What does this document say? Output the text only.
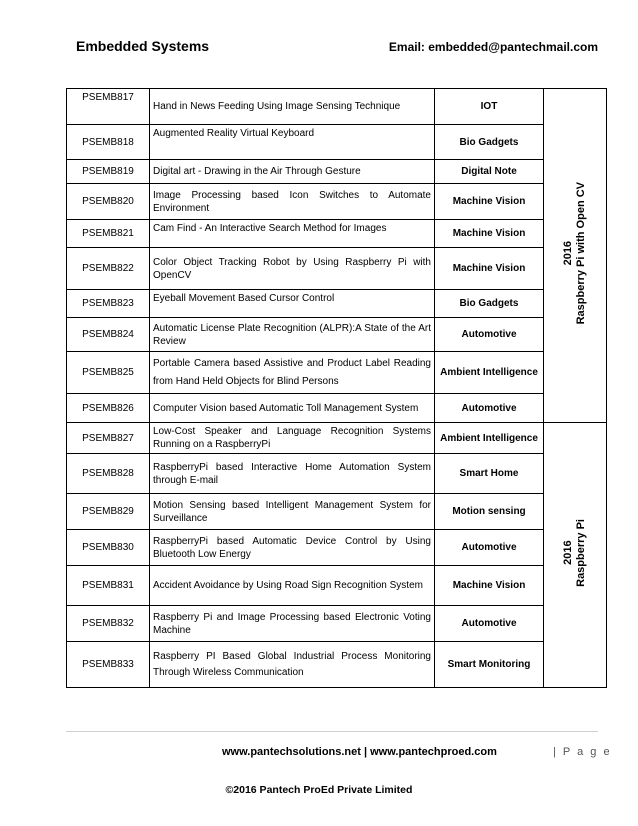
Embedded Systems	Email: embedded@pantechmail.com
PSEMB817	Hand in News Feeding Using Image Sensing Technique	IOT	2016
Raspberry Pi with Open CV
PSEMB818	Augmented Reality Virtual Keyboard	Bio Gadgets	
PSEMB819	Digital art - Drawing in the Air Through Gesture	Digital Note	
PSEMB820	Image Processing based Icon Switches to Automate Environment	Machine Vision	
PSEMB821	Cam Find - An Interactive Search Method for Images	Machine Vision	
PSEMB822	Color Object Tracking Robot by Using Raspberry Pi with OpenCV	Machine Vision	
PSEMB823	Eyeball Movement Based Cursor Control	Bio Gadgets	
PSEMB824	Automatic License Plate Recognition (ALPR):A State of the Art Review	Automotive	
PSEMB825	Portable Camera based Assistive and Product Label Reading from Hand Held Objects for Blind Persons	Ambient Intelligence	
PSEMB826	Computer Vision based Automatic Toll Management System	Automotive	
PSEMB827	Low-Cost Speaker and Language Recognition Systems Running on a RaspberryPi	Ambient Intelligence	2016
Raspberry Pi
PSEMB828	RaspberryPi based Interactive Home Automation System through E-mail	Smart Home	
PSEMB829	Motion Sensing based Intelligent Management System for Surveillance	Motion sensing	
PSEMB830	RaspberryPi based Automatic Device Control by Using Bluetooth Low Energy	Automotive	
PSEMB831	Accident Avoidance by Using Road Sign Recognition System	Machine Vision	
PSEMB832	Raspberry Pi and Image Processing based Electronic Voting Machine	Automotive	
PSEMB833	Raspberry PI Based Global Industrial Process Monitoring Through Wireless Communication	Smart Monitoring	
www.pantechsolutions.net | www.pantechproed.com	| P a g e
©2016 Pantech ProEd Private Limited
